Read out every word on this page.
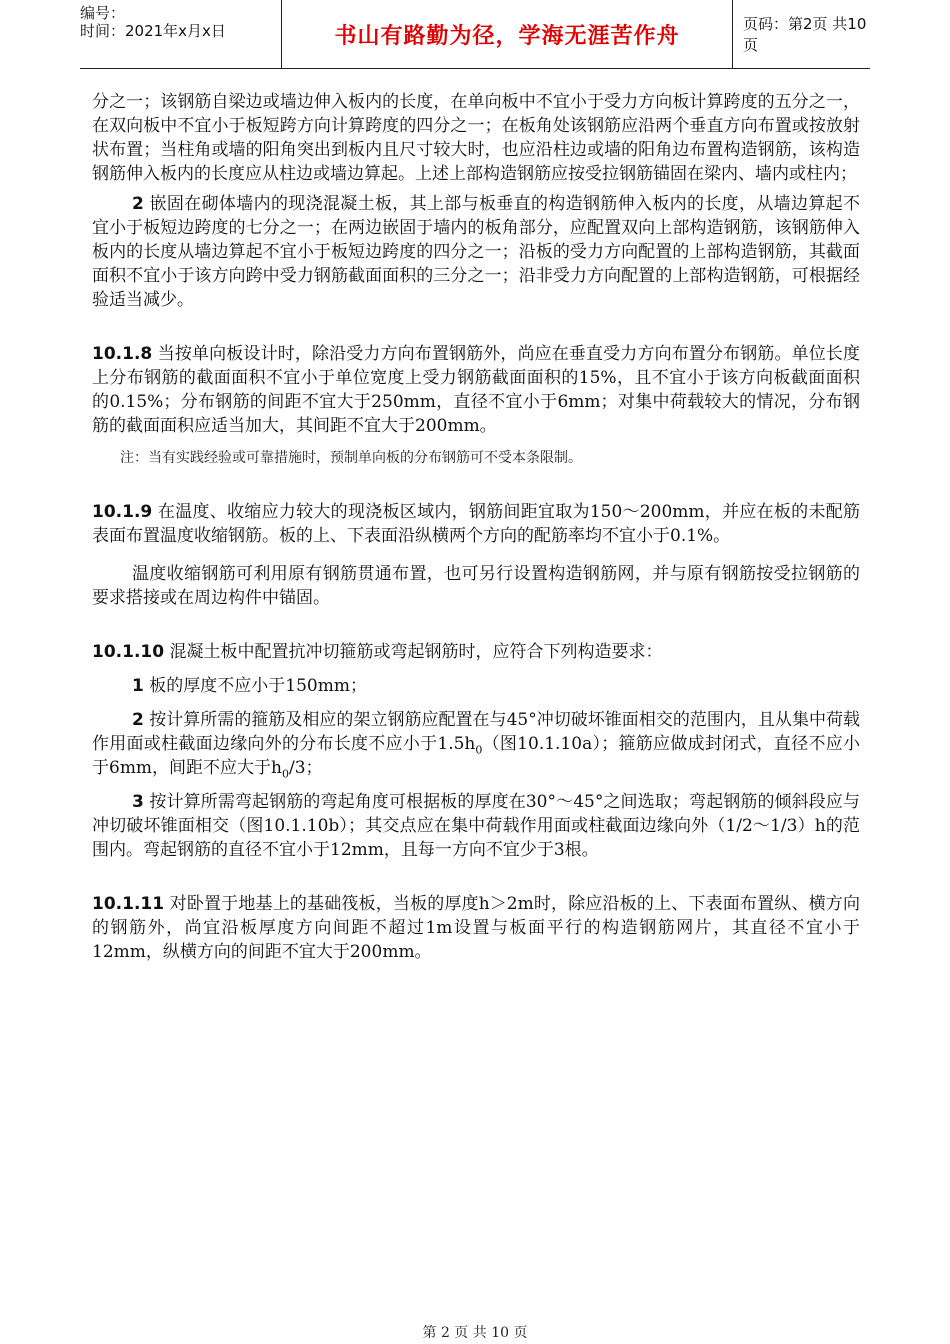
编号：
时间：2021年x月x日	书山有路勤为径，学海无涯苦作舟	页码：第2页 共10页

分之一；该钢筋自梁边或墙边伸入板内的长度，在单向板中不宜小于受力方向板计算跨度的五分之一，在双向板中不宜小于板短跨方向计算跨度的四分之一；在板角处该钢筋应沿两个垂直方向布置或按放射状布置；当柱角或墙的阳角突出到板内且尺寸较大时，也应沿柱边或墙的阳角边布置构造钢筋，该构造钢筋伸入板内的长度应从柱边或墙边算起。上述上部构造钢筋应按受拉钢筋锚固在梁内、墙内或柱内；

2 嵌固在砌体墙内的现浇混凝土板，其上部与板垂直的构造钢筋伸入板内的长度，从墙边算起不宜小于板短边跨度的七分之一；在两边嵌固于墙内的板角部分，应配置双向上部构造钢筋，该钢筋伸入板内的长度从墙边算起不宜小于板短边跨度的四分之一；沿板的受力方向配置的上部构造钢筋，其截面面积不宜小于该方向跨中受力钢筋截面面积的三分之一；沿非受力方向配置的上部构造钢筋，可根据经验适当减少。

10.1.8 当按单向板设计时，除沿受力方向布置钢筋外，尚应在垂直受力方向布置分布钢筋。单位长度上分布钢筋的截面面积不宜小于单位宽度上受力钢筋截面面积的15%，且不宜小于该方向板截面面积的0.15%；分布钢筋的间距不宜大于250mm，直径不宜小于6mm；对集中荷载较大的情况，分布钢筋的截面面积应适当加大，其间距不宜大于200mm。

注：当有实践经验或可靠措施时，预制单向板的分布钢筋可不受本条限制。

10.1.9 在温度、收缩应力较大的现浇板区域内，钢筋间距宜取为150～200mm，并应在板的未配筋表面布置温度收缩钢筋。板的上、下表面沿纵横两个方向的配筋率均不宜小于0.1%。

温度收缩钢筋可利用原有钢筋贯通布置，也可另行设置构造钢筋网，并与原有钢筋按受拉钢筋的要求搭接或在周边构件中锚固。

10.1.10 混凝土板中配置抗冲切箍筋或弯起钢筋时，应符合下列构造要求：

1 板的厚度不应小于150mm；

2 按计算所需的箍筋及相应的架立钢筋应配置在与45°冲切破坏锥面相交的范围内，且从集中荷载作用面或柱截面边缘向外的分布长度不应小于$1.5h_0$（图10.1.10a）；箍筋应做成封闭式，直径不应小于6mm，间距不应大于$h_0/3$；

3 按计算所需弯起钢筋的弯起角度可根据板的厚度在30°～45°之间选取；弯起钢筋的倾斜段应与冲切破坏锥面相交（图10.1.10b）；其交点应在集中荷载作用面或柱截面边缘向外（1/2～1/3）h的范围内。弯起钢筋的直径不宜小于12mm，且每一方向不宜少于3根。

10.1.11 对卧置于地基上的基础筏板，当板的厚度h＞2m时，除应沿板的上、下表面布置纵、横方向的钢筋外，尚宜沿板厚度方向间距不超过1m设置与板面平行的构造钢筋网片，其直径不宜小于12mm，纵横方向的间距不宜大于200mm。

第 2 页 共 10 页
